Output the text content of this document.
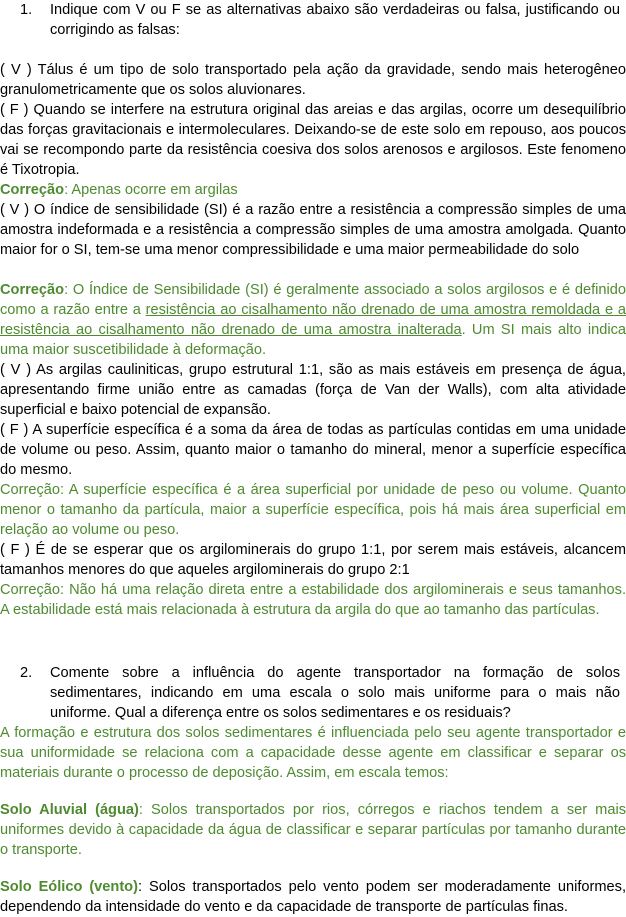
1. Indique com V ou F se as alternativas abaixo são verdadeiras ou falsa, justificando ou corrigindo as falsas:

( V ) Tálus é um tipo de solo transportado pela ação da gravidade, sendo mais heterogêneo granulometricamente que os solos aluvionares.

( F ) Quando se interfere na estrutura original das areias e das argilas, ocorre um desequilíbrio das forças gravitacionais e intermoleculares. Deixando-se de este solo em repouso, aos poucos vai se recompondo parte da resistência coesiva dos solos arenosos e argilosos. Este fenomeno é Tixotropia.

Correção: Apenas ocorre em argilas

( V ) O índice de sensibilidade (SI) é a razão entre a resistência a compressão simples de uma amostra indeformada e a resistência a compressão simples de uma amostra amolgada. Quanto maior for o SI, tem-se uma menor compressibilidade e uma maior permeabilidade do solo

Correção: O Índice de Sensibilidade (SI) é geralmente associado a solos argilosos e é definido como a razão entre a resistência ao cisalhamento não drenado de uma amostra remoldada e a resistência ao cisalhamento não drenado de uma amostra inalterada. Um SI mais alto indica uma maior suscetibilidade à deformação.

( V ) As argilas cauliniticas, grupo estrutural 1:1, são as mais estáveis em presença de água, apresentando firme união entre as camadas (força de Van der Walls), com alta atividade superficial e baixo potencial de expansão.

( F ) A superfície específica é a soma da área de todas as partículas contidas em uma unidade de volume ou peso. Assim, quanto maior o tamanho do mineral, menor a superfície específica do mesmo.

Correção: A superfície específica é a área superficial por unidade de peso ou volume. Quanto menor o tamanho da partícula, maior a superfície específica, pois há mais área superficial em relação ao volume ou peso.

( F ) É de se esperar que os argilominerais do grupo 1:1, por serem mais estáveis, alcancem tamanhos menores do que aqueles argilominerais do grupo 2:1

Correção: Não há uma relação direta entre a estabilidade dos argilominerais e seus tamanhos. A estabilidade está mais relacionada à estrutura da argila do que ao tamanho das partículas.

2. Comente sobre a influência do agente transportador na formação de solos sedimentares, indicando em uma escala o solo mais uniforme para o mais não uniforme. Qual a diferença entre os solos sedimentares e os residuais?

A formação e estrutura dos solos sedimentares é influenciada pelo seu agente transportador e sua uniformidade se relaciona com a capacidade desse agente em classificar e separar os materiais durante o processo de deposição. Assim, em escala temos:

Solo Aluvial (água): Solos transportados por rios, córregos e riachos tendem a ser mais uniformes devido à capacidade da água de classificar e separar partículas por tamanho durante o transporte.

Solo Eólico (vento): Solos transportados pelo vento podem ser moderadamente uniformes, dependendo da intensidade do vento e da capacidade de transporte de partículas finas.
